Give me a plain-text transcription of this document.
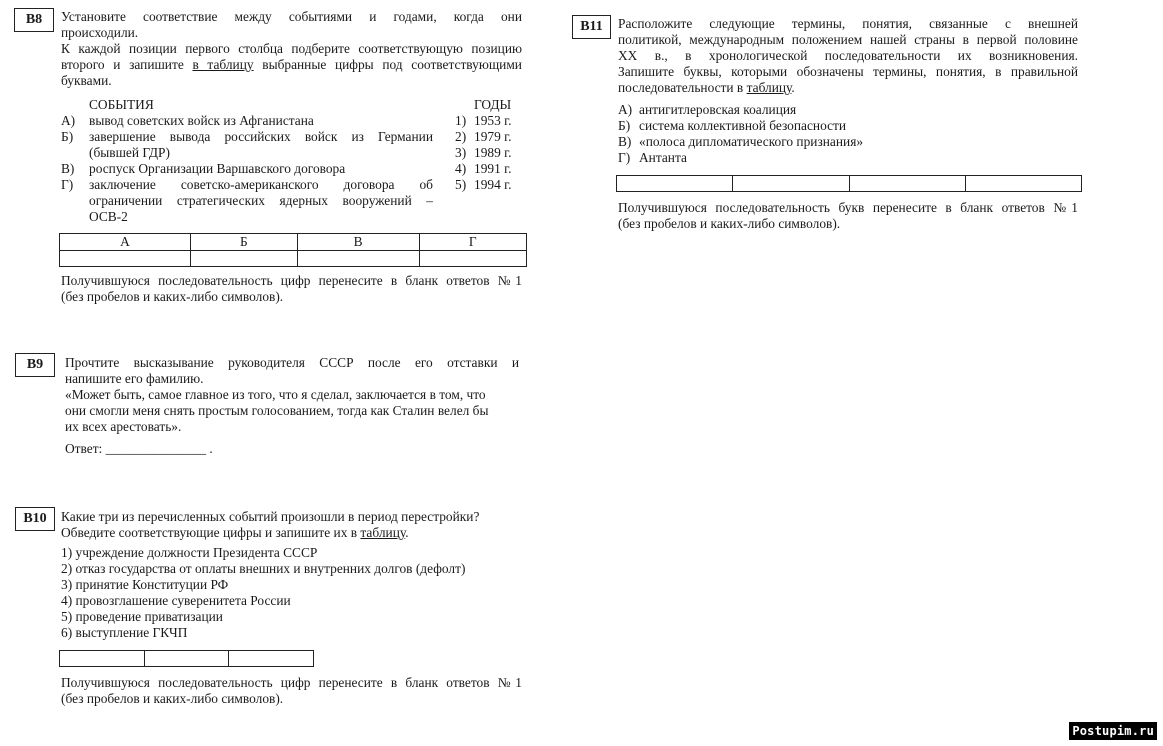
B8	Установите соответствие между событиями и годами, когда они
происходили.
К каждой позиции первого столбца подберите соответствующую позицию
второго и запишите в таблицу выбранные цифры под соответствующими
буквами.
СОБЫТИЯ	ГОДЫ
А)	вывод советских войск из Афганистана
Б)	завершение вывода российских войск из Германии
(бывшей ГДР)
В)	роспуск Организации Варшавского договора
Г)	заключение советско-американского договора об
ограничении стратегических ядерных вооружений –
ОСВ-2
1) 1953 г.
2) 1979 г.
3) 1989 г.
4) 1991 г.
5) 1994 г.
А	Б	В	Г

Получившуюся последовательность цифр перенесите в бланк ответов №1
(без пробелов и каких-либо символов).
B9	Прочтите высказывание руководителя СССР после его отставки и
напишите его фамилию.
«Может быть, самое главное из того, что я сделал, заключается в том, что
они смогли меня снять простым голосованием, тогда как Сталин велел бы
их всех арестовать».
Ответ: _______________ .
B10	Какие три из перечисленных событий произошли в период перестройки?
Обведите соответствующие цифры и запишите их в таблицу.
1) учреждение должности Президента СССР
2) отказ государства от оплаты внешних и внутренних долгов (дефолт)
3) принятие Конституции РФ
4) провозглашение суверенитета России
5) проведение приватизации
6) выступление ГКЧП

Получившуюся последовательность цифр перенесите в бланк ответов №1
(без пробелов и каких-либо символов).
B11	Расположите следующие термины, понятия, связанные с внешней
политикой, международным положением нашей страны в первой половине
XX в., в хронологической последовательности их возникновения.
Запишите буквы, которыми обозначены термины, понятия, в правильной
последовательности в таблицу.
А) антигитлеровская коалиция
Б) система коллективной безопасности
В) «полоса дипломатического признания»
Г) Антанта

Получившуюся последовательность букв перенесите в бланк ответов №1
(без пробелов и каких-либо символов).
Postupim.ru
